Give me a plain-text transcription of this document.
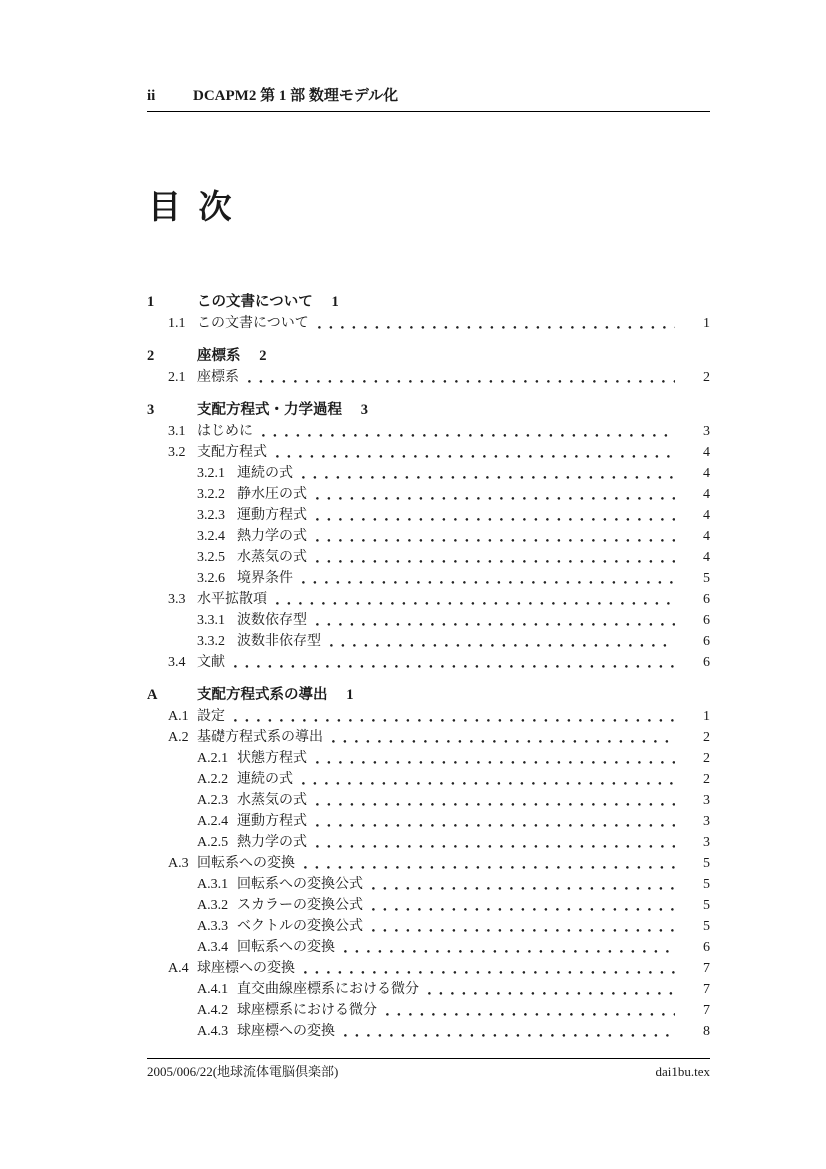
ii	DCAPM2 第 1 部 数理モデル化
目 次
1	この文書について	1
1.1 この文書について	1
2	座標系	2
2.1 座標系	2
3	支配方程式・力学過程	3
3.1 はじめに	3
3.2 支配方程式	4
3.2.1 連続の式	4
3.2.2 静水圧の式	4
3.2.3 運動方程式	4
3.2.4 熱力学の式	4
3.2.5 水蒸気の式	4
3.2.6 境界条件	5
3.3 水平拡散項	6
3.3.1 波数依存型	6
3.3.2 波数非依存型	6
3.4 文献	6
A	支配方程式系の導出	1
A.1 設定	1
A.2 基礎方程式系の導出	2
A.2.1 状態方程式	2
A.2.2 連続の式	2
A.2.3 水蒸気の式	3
A.2.4 運動方程式	3
A.2.5 熱力学の式	3
A.3 回転系への変換	5
A.3.1 回転系への変換公式	5
A.3.2 スカラーの変換公式	5
A.3.3 ベクトルの変換公式	5
A.3.4 回転系への変換	6
A.4 球座標への変換	7
A.4.1 直交曲線座標系における微分	7
A.4.2 球座標系における微分	7
A.4.3 球座標への変換	8
2005/006/22(地球流体電脳倶楽部)	dai1bu.tex
